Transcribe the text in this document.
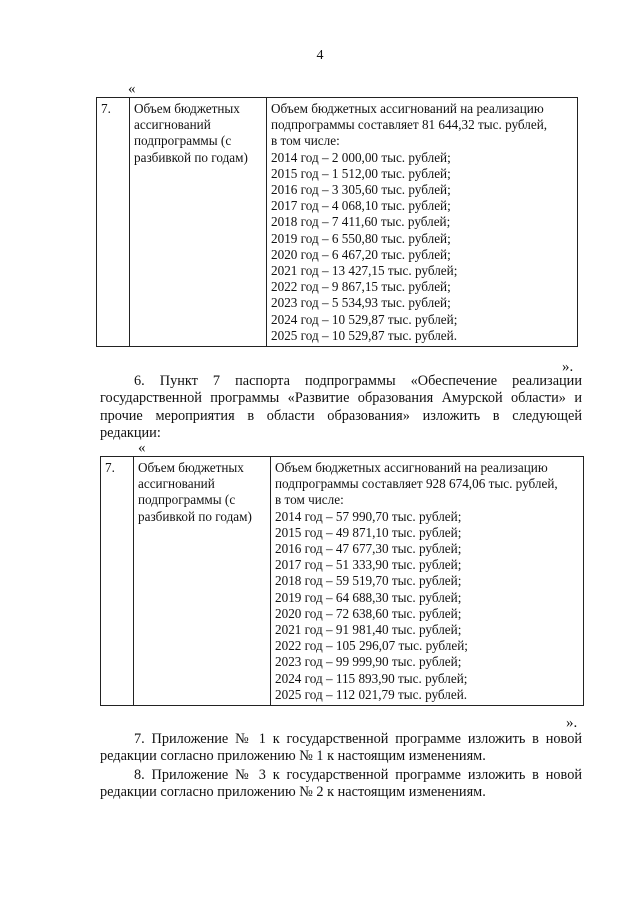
4
«
7.	Объем бюджетных
ассигнований
подпрограммы (с
разбивкой по годам)

Объем бюджетных ассигнований на реализацию
подпрограммы составляет 81 644,32 тыс. рублей,
в том числе:
2014 год – 2 000,00 тыс. рублей;
2015 год – 1 512,00 тыс. рублей;
2016 год – 3 305,60 тыс. рублей;
2017 год – 4 068,10 тыс. рублей;
2018 год – 7 411,60 тыс. рублей;
2019 год – 6 550,80 тыс. рублей;
2020 год – 6 467,20 тыс. рублей;
2021 год – 13 427,15 тыс. рублей;
2022 год – 9 867,15 тыс. рублей;
2023 год – 5 534,93 тыс. рублей;
2024 год – 10 529,87 тыс. рублей;
2025 год – 10 529,87 тыс. рублей.
».
6. Пункт 7 паспорта подпрограммы «Обеспечение реализации государственной программы «Развитие образования Амурской области» и прочие мероприятия в области образования» изложить в следующей редакции:
«
7.	Объем бюджетных
ассигнований
подпрограммы (с
разбивкой по годам)

Объем бюджетных ассигнований на реализацию
подпрограммы составляет 928 674,06 тыс. рублей,
в том числе:
2014 год – 57 990,70 тыс. рублей;
2015 год – 49 871,10 тыс. рублей;
2016 год – 47 677,30 тыс. рублей;
2017 год – 51 333,90 тыс. рублей;
2018 год – 59 519,70 тыс. рублей;
2019 год – 64 688,30 тыс. рублей;
2020 год – 72 638,60 тыс. рублей;
2021 год – 91 981,40 тыс. рублей;
2022 год – 105 296,07 тыс. рублей;
2023 год – 99 999,90 тыс. рублей;
2024 год – 115 893,90 тыс. рублей;
2025 год – 112 021,79 тыс. рублей.
».
7. Приложение № 1 к государственной программе изложить в новой редакции согласно приложению № 1 к настоящим изменениям.
8. Приложение № 3 к государственной программе изложить в новой редакции согласно приложению № 2 к настоящим изменениям.
